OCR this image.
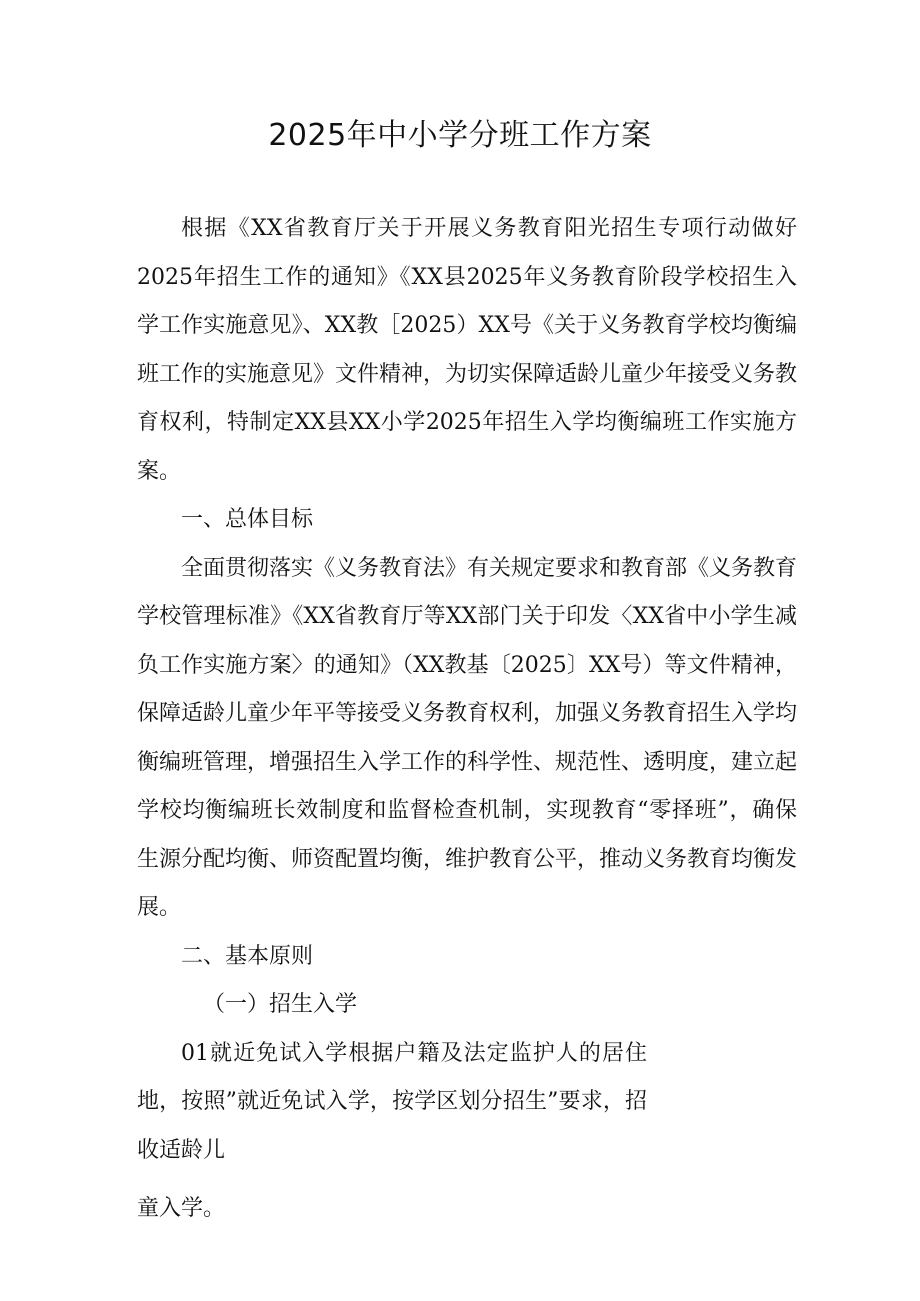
2025年中小学分班工作方案

根据《XX省教育厅关于开展义务教育阳光招生专项行动做好2025年招生工作的通知》《XX县2025年义务教育阶段学校招生入学工作实施意见》、XX教［2025）XX号《关于义务教育学校均衡编班工作的实施意见》文件精神，为切实保障适龄儿童少年接受义务教育权利，特制定XX县XX小学2025年招生入学均衡编班工作实施方案。

一、总体目标

全面贯彻落实《义务教育法》有关规定要求和教育部《义务教育学校管理标准》《XX省教育厅等XX部门关于印发〈XX省中小学生减负工作实施方案〉的通知》（XX教基〔2025〕XX号）等文件精神，保障适龄儿童少年平等接受义务教育权利，加强义务教育招生入学均衡编班管理，增强招生入学工作的科学性、规范性、透明度，建立起学校均衡编班长效制度和监督检查机制，实现教育“零择班”，确保生源分配均衡、师资配置均衡，维护教育公平，推动义务教育均衡发展。

二、基本原则

（一）招生入学

01就近免试入学根据户籍及法定监护人的居住地，按照”就近免试入学，按学区划分招生”要求，招收适龄儿

童入学。
